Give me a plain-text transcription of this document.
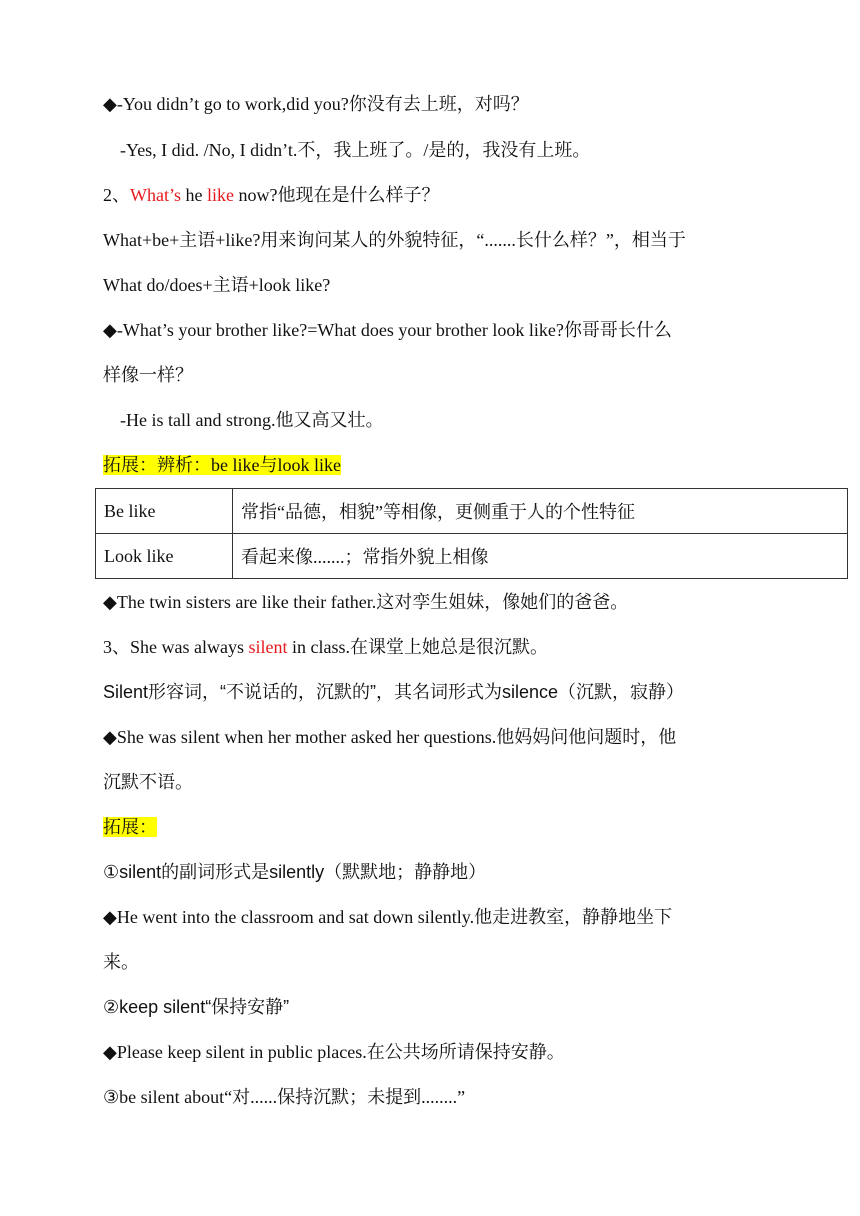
◆-You didn’t go to work,did you?你没有去上班，对吗？
-Yes, I did. /No, I didn’t.不，我上班了。/是的，我没有上班。
2、What’s he like now?他现在是什么样子？
What+be+主语+like?用来询问某人的外貌特征，“.......长什么样？”，相当于
What do/does+主语+look like?
◆-What’s your brother like?=What does your brother look like?你哥哥长什么
样像一样？
-He is tall and strong.他又高又壮。
拓展：辨析：be like与look like
Be like	常指“品德，相貌”等相像，更侧重于人的个性特征
Look like	看起来像.......；常指外貌上相像
◆The twin sisters are like their father.这对孪生姐妹，像她们的爸爸。
3、She was always silent in class.在课堂上她总是很沉默。
Silent形容词，“不说话的，沉默的”，其名词形式为silence（沉默，寂静）
◆She was silent when her mother asked her questions.他妈妈问他问题时，他
沉默不语。
拓展：
①silent的副词形式是silently（默默地；静静地）
◆He went into the classroom and sat down silently.他走进教室，静静地坐下
来。
②keep silent“保持安静”
◆Please keep silent in public places.在公共场所请保持安静。
③be silent about“对......保持沉默；未提到........”
